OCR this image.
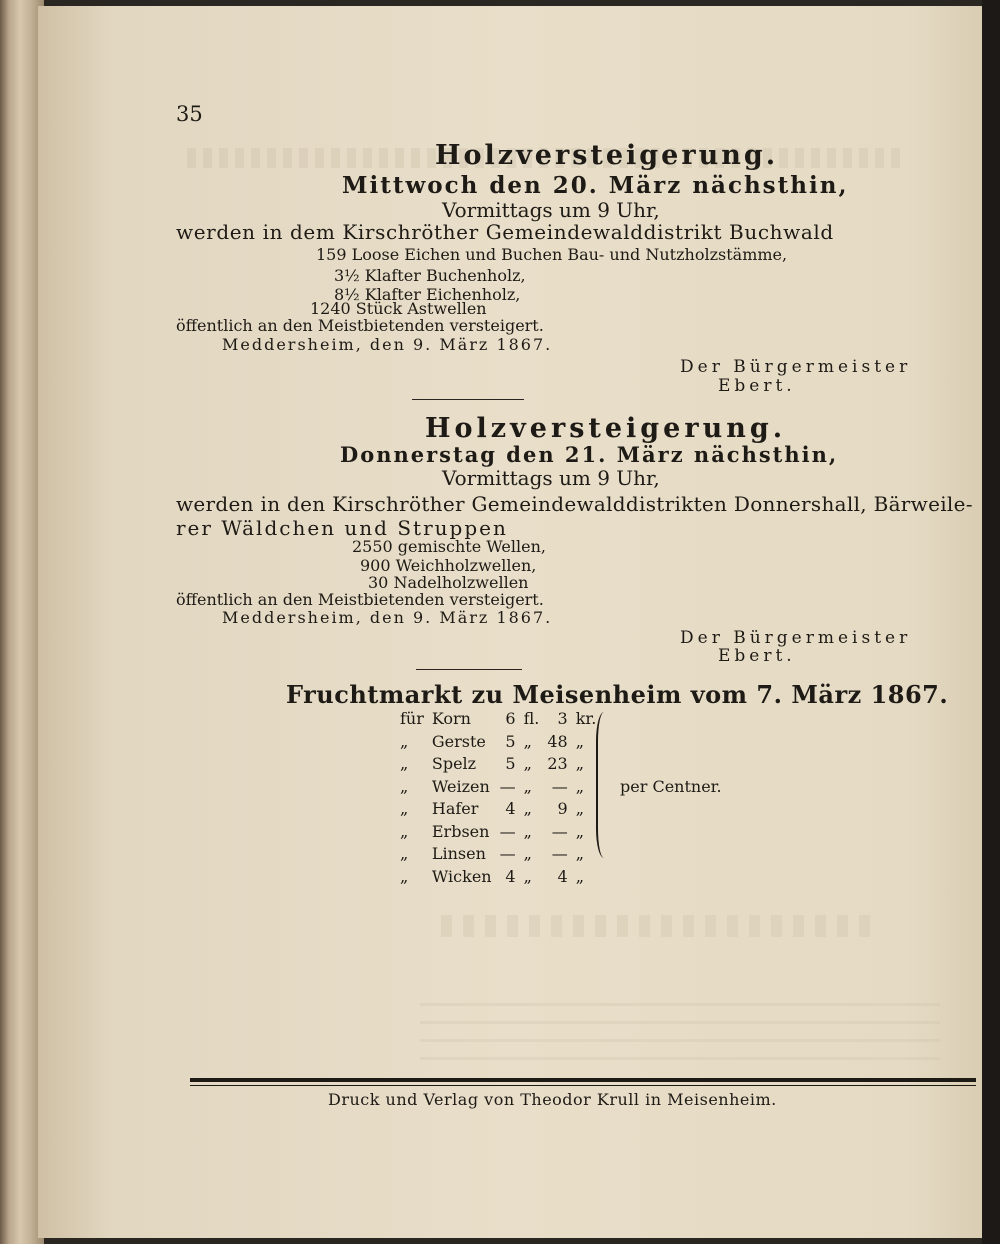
35
Holzversteigerung.
Mittwoch den 20. März nächsthin,
Vormittags um 9 Uhr,
werden in dem Kirschröther Gemeindewalddistrikt Buchwald
159 Loose Eichen und Buchen Bau- und Nutzholzstämme,
3½ Klafter Buchenholz,
8½ Klafter Eichenholz,
1240 Stück Astwellen
öffentlich an den Meistbietenden versteigert.
Meddersheim, den 9. März 1867.
Der Bürgermeister
Ebert.
Holzversteigerung.
Donnerstag den 21. März nächsthin,
Vormittags um 9 Uhr,
werden in den Kirschröther Gemeindewalddistrikten Donnershall, Bärweile-
rer Wäldchen und Struppen
2550 gemischte Wellen,
900 Weichholzwellen,
30 Nadelholzwellen
öffentlich an den Meistbietenden versteigert.
Meddersheim, den 9. März 1867.
Der Bürgermeister
Ebert.
Fruchtmarkt zu Meisenheim vom 7. März 1867.
für	Korn	6	fl.	3	kr.
„	Gerste	5	„	48	„
„	Spelz	5	„	23	„
„	Weizen	—	„	—	„
„	Hafer	4	„	9	„
„	Erbsen	—	„	—	„
„	Linsen	—	„	—	„
„	Wicken	4	„	4	„
per Centner.
Druck und Verlag von Theodor Krull in Meisenheim.
